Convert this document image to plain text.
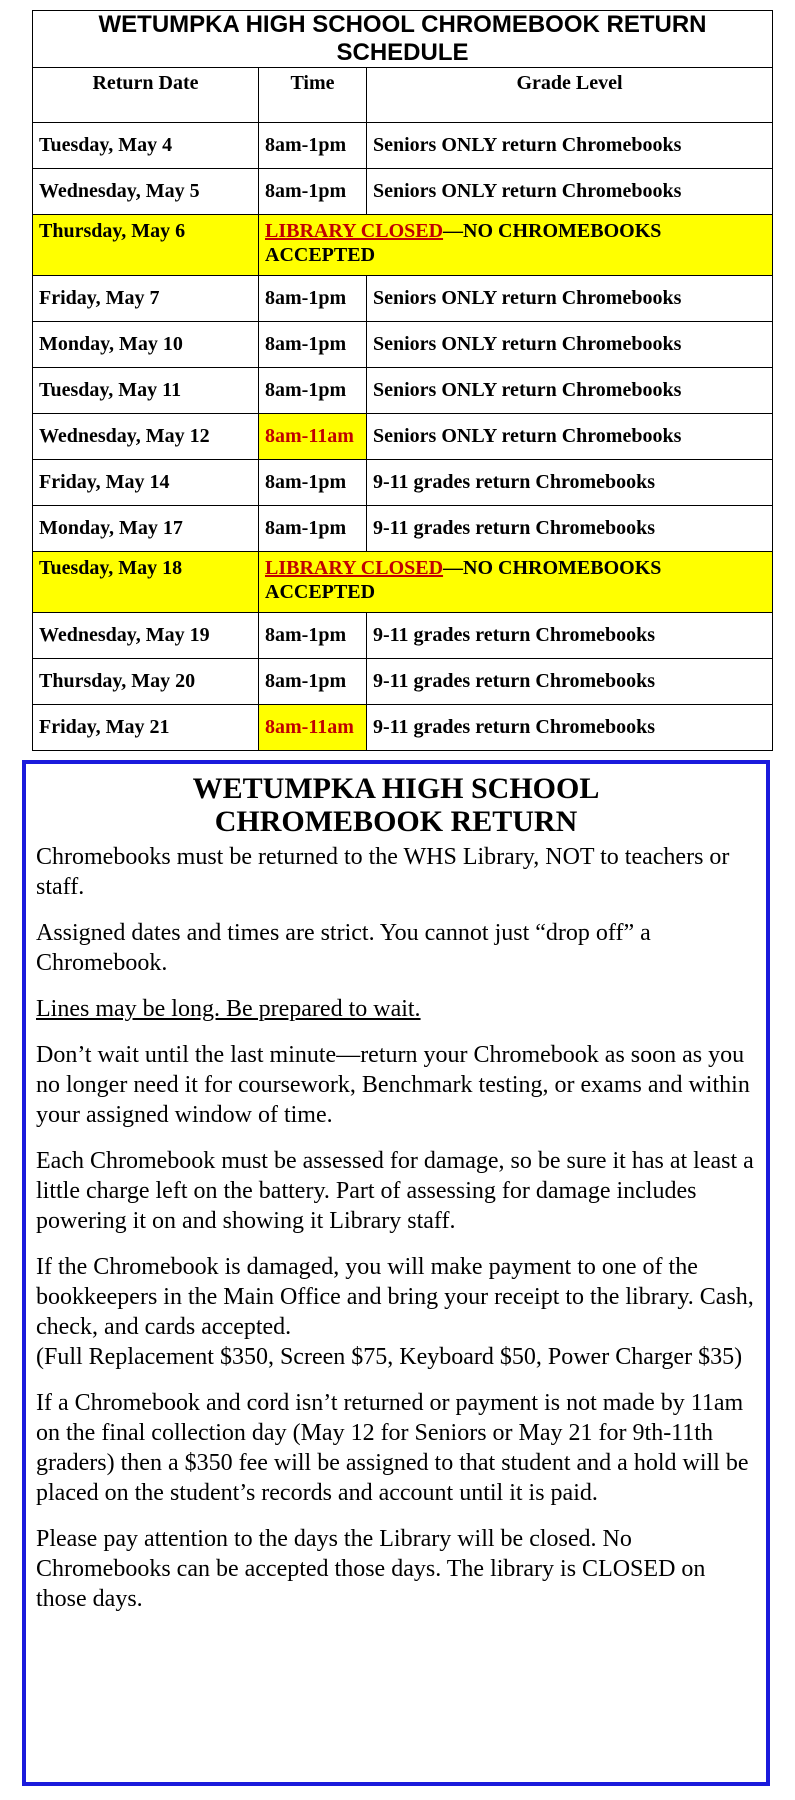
WETUMPKA HIGH SCHOOL CHROMEBOOK RETURN SCHEDULE		
Return Date	Time	Grade Level
Tuesday, May 4	8am-1pm	Seniors ONLY return Chromebooks
Wednesday, May 5	8am-1pm	Seniors ONLY return Chromebooks
Thursday, May 6	LIBRARY CLOSED—NO CHROMEBOOKS ACCEPTED	
Friday, May 7	8am-1pm	Seniors ONLY return Chromebooks
Monday, May 10	8am-1pm	Seniors ONLY return Chromebooks
Tuesday, May 11	8am-1pm	Seniors ONLY return Chromebooks
Wednesday, May 12	8am-11am	Seniors ONLY return Chromebooks
Friday, May 14	8am-1pm	9-11 grades return Chromebooks
Monday, May 17	8am-1pm	9-11 grades return Chromebooks
Tuesday, May 18	LIBRARY CLOSED—NO CHROMEBOOKS ACCEPTED	
Wednesday, May 19	8am-1pm	9-11 grades return Chromebooks
Thursday, May 20	8am-1pm	9-11 grades return Chromebooks
Friday, May 21	8am-11am	9-11 grades return Chromebooks
WETUMPKA HIGH SCHOOL
CHROMEBOOK RETURN

Chromebooks must be returned to the WHS Library, NOT to teachers or staff.

Assigned dates and times are strict. You cannot just “drop off” a Chromebook.

Lines may be long. Be prepared to wait.

Don’t wait until the last minute—return your Chromebook as soon as you no longer need it for coursework, Benchmark testing, or exams and within your assigned window of time.

Each Chromebook must be assessed for damage, so be sure it has at least a little charge left on the battery. Part of assessing for damage includes powering it on and showing it Library staff.

If the Chromebook is damaged, you will make payment to one of the bookkeepers in the Main Office and bring your receipt to the library. Cash, check, and cards accepted.
(Full Replacement $350, Screen $75, Keyboard $50, Power Charger $35)

If a Chromebook and cord isn’t returned or payment is not made by 11am on the final collection day (May 12 for Seniors or May 21 for 9th-11th graders) then a $350 fee will be assigned to that student and a hold will be placed on the student’s records and account until it is paid.

Please pay attention to the days the Library will be closed. No Chromebooks can be accepted those days. The library is CLOSED on those days.
